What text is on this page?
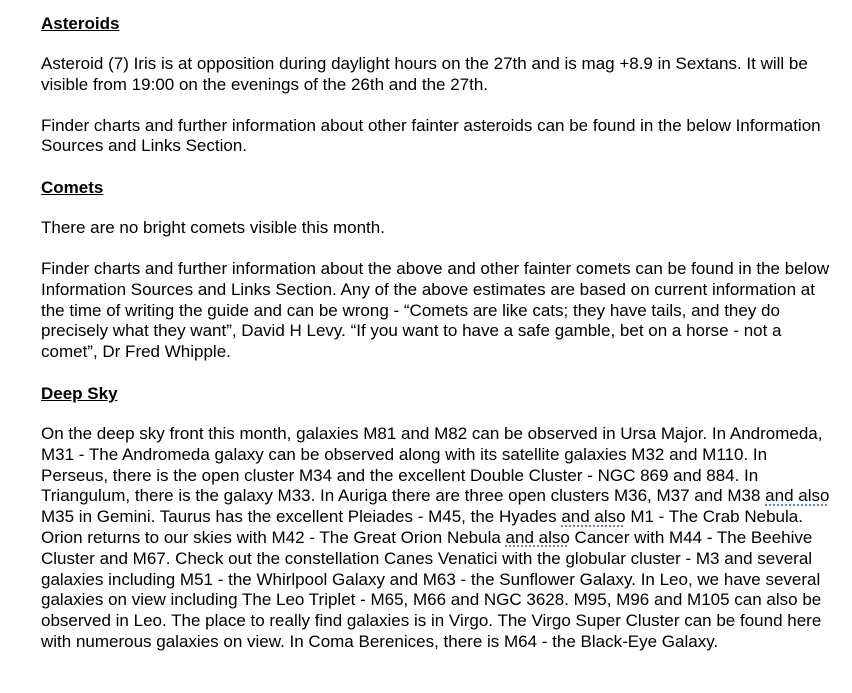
Asteroids

Asteroid (7) Iris is at opposition during daylight hours on the 27th and is mag +8.9 in Sextans. It will be visible from 19:00 on the evenings of the 26th and the 27th.

Finder charts and further information about other fainter asteroids can be found in the below Information Sources and Links Section.

Comets

There are no bright comets visible this month.

Finder charts and further information about the above and other fainter comets can be found in the below Information Sources and Links Section. Any of the above estimates are based on current information at the time of writing the guide and can be wrong - “Comets are like cats; they have tails, and they do precisely what they want”, David H Levy. “If you want to have a safe gamble, bet on a horse - not a comet”, Dr Fred Whipple.

Deep Sky

On the deep sky front this month, galaxies M81 and M82 can be observed in Ursa Major. In Andromeda, M31 - The Andromeda galaxy can be observed along with its satellite galaxies M32 and M110. In Perseus, there is the open cluster M34 and the excellent Double Cluster - NGC 869 and 884. In Triangulum, there is the galaxy M33. In Auriga there are three open clusters M36, M37 and M38 and also M35 in Gemini. Taurus has the excellent Pleiades - M45, the Hyades and also M1 - The Crab Nebula. Orion returns to our skies with M42 - The Great Orion Nebula and also Cancer with M44 - The Beehive Cluster and M67. Check out the constellation Canes Venatici with the globular cluster - M3 and several galaxies including M51 - the Whirlpool Galaxy and M63 - the Sunflower Galaxy. In Leo, we have several galaxies on view including The Leo Triplet - M65, M66 and NGC 3628. M95, M96 and M105 can also be observed in Leo. The place to really find galaxies is in Virgo. The Virgo Super Cluster can be found here with numerous galaxies on view. In Coma Berenices, there is M64 - the Black-Eye Galaxy.
